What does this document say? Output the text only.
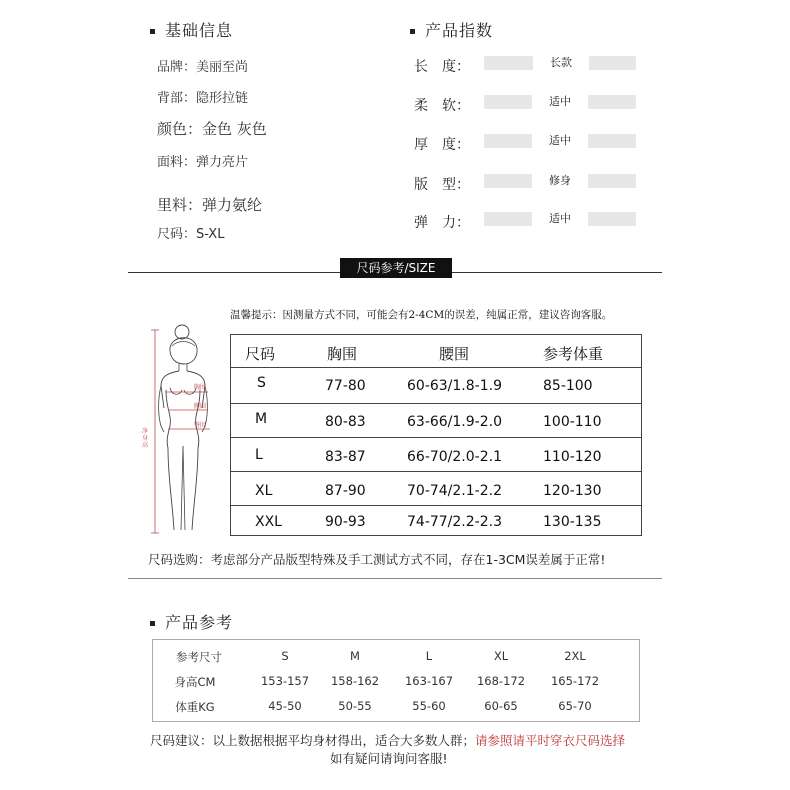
基础信息
品牌：美丽至尚
背部：隐形拉链
颜色：金色 灰色
面料：弹力亮片
里料：弹力氨纶
尺码：S-XL
产品指数
长　度：	长款
柔　软：	适中
厚　度：	适中
版　型：	修身
弹　力：	适中
尺码参考/SIZE
温馨提示：因测量方式不同，可能会有2-4CM的误差，纯属正常，建议咨询客服。
胸围
腰围
臀围
净身高
尺码	胸围	腰围	参考体重
S	77-80	60-63/1.8-1.9	85-100
M	80-83	63-66/1.9-2.0	100-110
L	83-87	66-70/2.0-2.1	110-120
XL	87-90	70-74/2.1-2.2	120-130
XXL	90-93	74-77/2.2-2.3	130-135
尺码选购：考虑部分产品版型特殊及手工测试方式不同，存在1-3CM误差属于正常!
产品参考
参考尺寸	S	M	L	XL	2XL
身高CM	153-157	158-162	163-167	168-172	165-172
体重KG	45-50	50-55	55-60	60-65	65-70
尺码建议：以上数据根据平均身材得出，适合大多数人群；请参照请平时穿衣尺码选择
如有疑问请询问客服!
